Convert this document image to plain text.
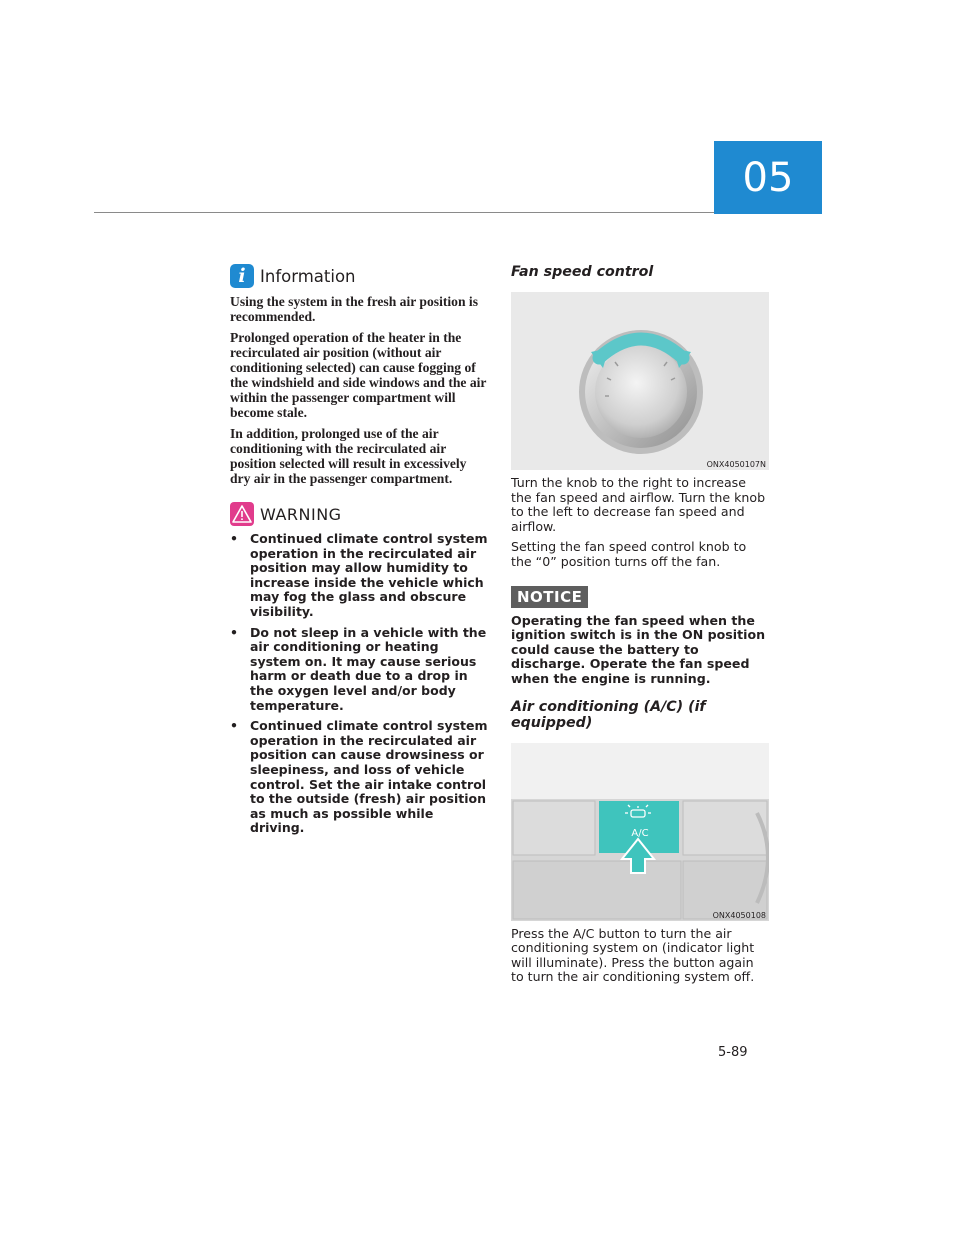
05
i Information

Using the system in the fresh air position is recommended.

Prolonged operation of the heater in the recirculated air position (without air conditioning selected) can cause fogging of the windshield and side windows and the air within the passenger compartment will become stale.

In addition, prolonged use of the air conditioning with the recirculated air position selected will result in excessively dry air in the passenger compartment.

WARNING
• Continued climate control system operation in the recirculated air position may allow humidity to increase inside the vehicle which may fog the glass and obscure visibility.
• Do not sleep in a vehicle with the air conditioning or heating system on. It may cause serious harm or death due to a drop in the oxygen level and/or body temperature.
• Continued climate control system operation in the recirculated air position can cause drowsiness or sleepiness, and loss of vehicle control. Set the air intake control to the outside (fresh) air position as much as possible while driving.
Fan speed control
ONX4050107N

Turn the knob to the right to increase the fan speed and airflow. Turn the knob to the left to decrease fan speed and airflow.

Setting the fan speed control knob to the “0” position turns off the fan.

NOTICE

Operating the fan speed when the ignition switch is in the ON position could cause the battery to discharge. Operate the fan speed when the engine is running.

Air conditioning (A/C) (if equipped)
A/C
ONX4050108

Press the A/C button to turn the air conditioning system on (indicator light will illuminate). Press the button again to turn the air conditioning system off.

5-89
